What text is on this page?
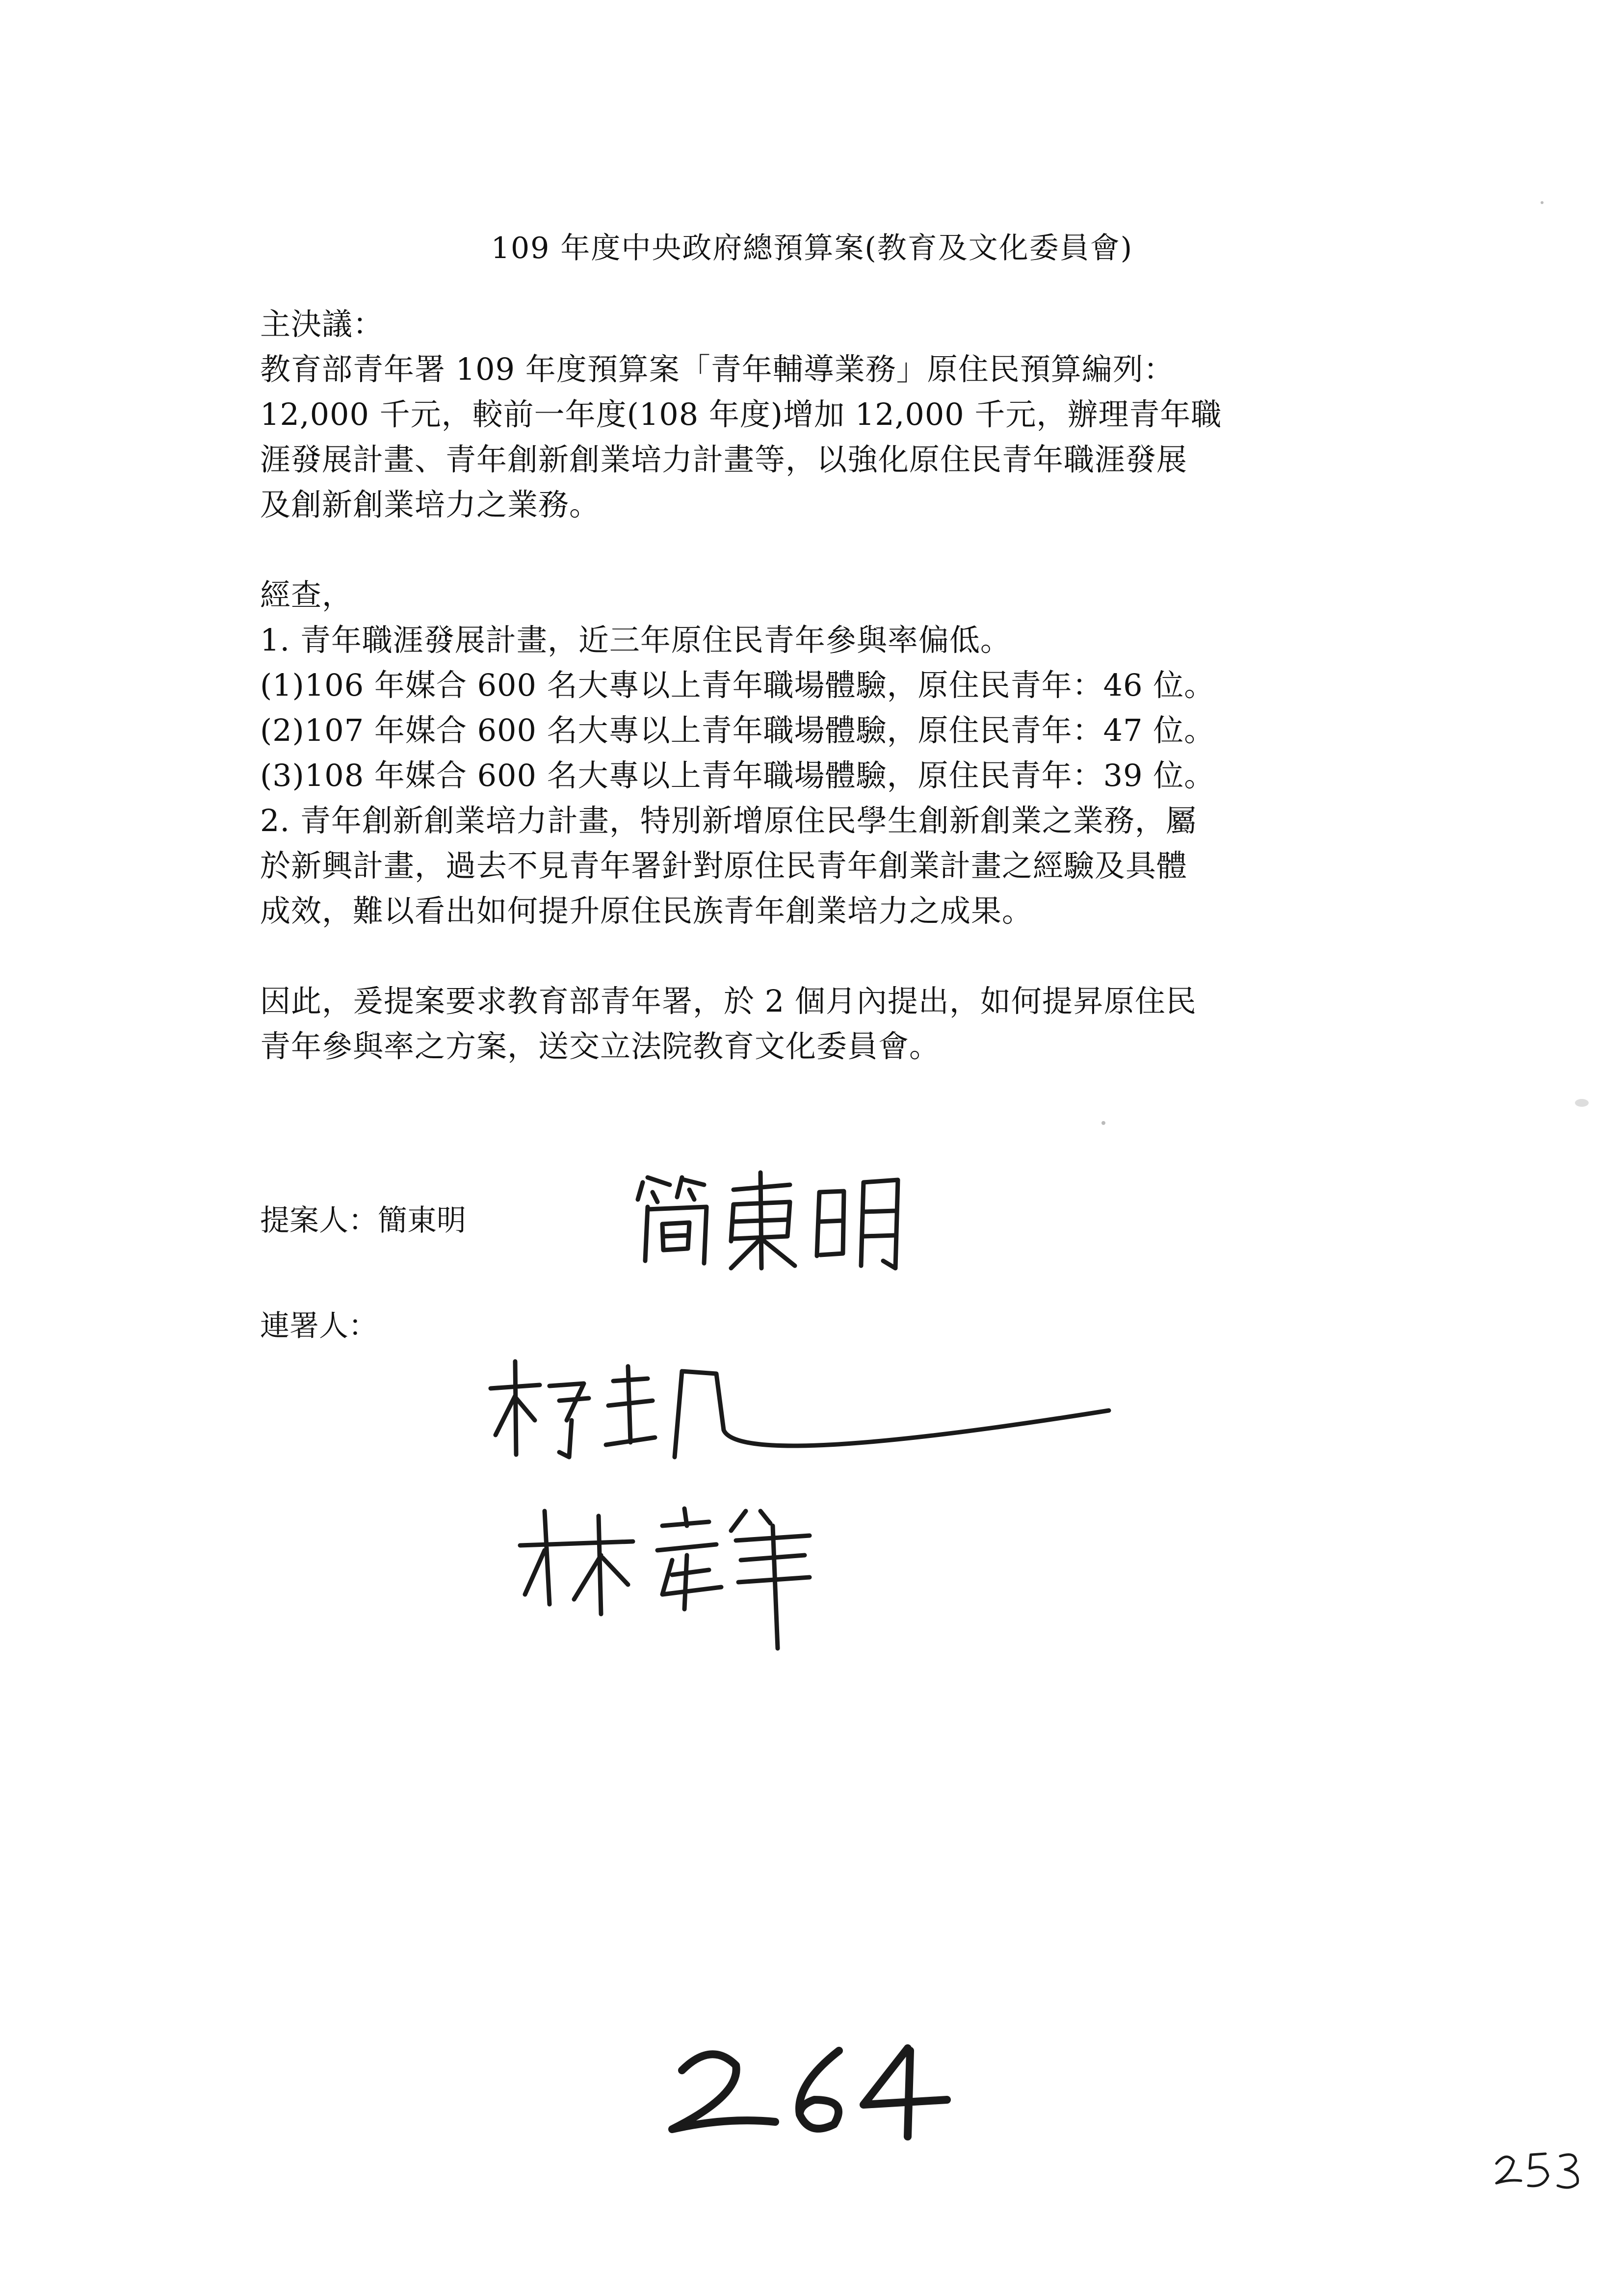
109 年度中央政府總預算案(教育及文化委員會)
主決議：
教育部青年署 109 年度預算案「青年輔導業務」原住民預算編列：
12,000 千元，較前一年度(108 年度)增加 12,000 千元，辦理青年職
涯發展計畫、青年創新創業培力計畫等，以強化原住民青年職涯發展
及創新創業培力之業務。
經查，
1. 青年職涯發展計畫，近三年原住民青年參與率偏低。
(1)106 年媒合 600 名大專以上青年職場體驗，原住民青年：46 位。
(2)107 年媒合 600 名大專以上青年職場體驗，原住民青年：47 位。
(3)108 年媒合 600 名大專以上青年職場體驗，原住民青年：39 位。
2. 青年創新創業培力計畫，特別新增原住民學生創新創業之業務，屬
於新興計畫，過去不見青年署針對原住民青年創業計畫之經驗及具體
成效，難以看出如何提升原住民族青年創業培力之成果。
因此，爰提案要求教育部青年署，於 2 個月內提出，如何提昇原住民
青年參與率之方案，送交立法院教育文化委員會。
提案人：簡東明
連署人：
